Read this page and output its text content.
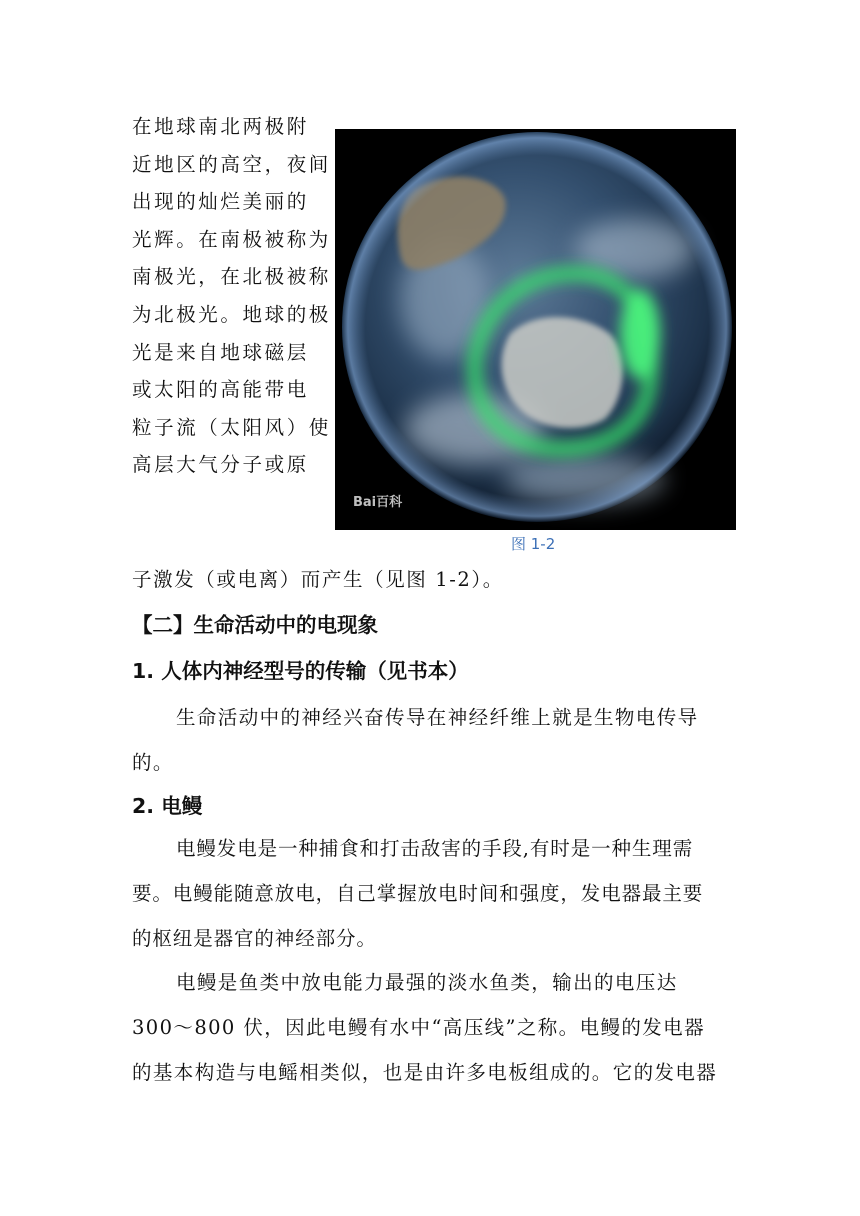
在地球南北两极附
近地区的高空，夜间
出现的灿烂美丽的
光辉。在南极被称为
南极光，在北极被称
为北极光。地球的极
光是来自地球磁层
或太阳的高能带电
粒子流（太阳风）使
高层大气分子或原
Bai百科
图 1-2
子激发（或电离）而产生（见图 1-2）。
【二】生命活动中的电现象
1. 人体内神经型号的传输（见书本）
生命活动中的神经兴奋传导在神经纤维上就是生物电传导
的。
2. 电鳗
电鳗发电是一种捕食和打击敌害的手段,有时是一种生理需
要。电鳗能随意放电，自己掌握放电时间和强度，发电器最主要
的枢纽是器官的神经部分。
电鳗是鱼类中放电能力最强的淡水鱼类，输出的电压达
300～800 伏，因此电鳗有水中“高压线”之称。电鳗的发电器
的基本构造与电鳐相类似，也是由许多电板组成的。它的发电器
